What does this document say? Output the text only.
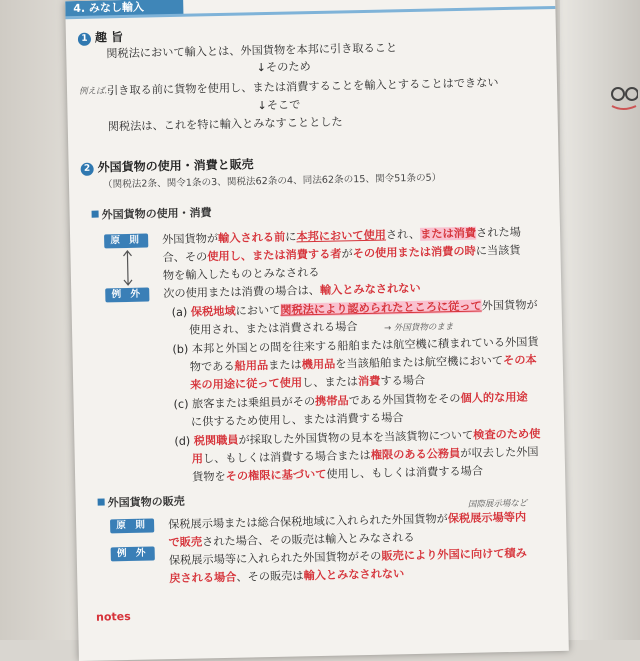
4. みなし輸入
1 趣 旨
関税法において輸入とは、外国貨物を本邦に引き取ること
↓そのため
例えば…
引き取る前に貨物を使用し、または消費することを輸入とすることはできない
↓そこで
関税法は、これを特に輸入とみなすこととした
2 外国貨物の使用・消費と販売
（関税法2条、関令1条の3、関税法62条の4、同法62条の15、関令51条の5）
外国貨物の使用・消費
原 則
例 外
外国貨物が輸入される前に本邦において使用され、または消費された場
合、その使用し、または消費する者がその使用または消費の時に当該貨
物を輸入したものとみなされる
次の使用または消費の場合は、輸入とみなされない
(a) 保税地域において関税法により認められたところに従って外国貨物が
使用され、または消費される場合	→ 外国貨物のまま
(b) 本邦と外国との間を往来する船舶または航空機に積まれている外国貨
物である船用品または機用品を当該船舶または航空機においてその本
来の用途に従って使用し、または消費する場合
(c) 旅客または乗組員がその携帯品である外国貨物をその個人的な用途
に供するため使用し、または消費する場合
(d) 税関職員が採取した外国貨物の見本を当該貨物について検査のため使
用し、もしくは消費する場合または権限のある公務員が収去した外国
貨物をその権限に基づいて使用し、もしくは消費する場合
外国貨物の販売	国際展示場など
原 則	保税展示場または総合保税地域に入れられた外国貨物が保税展示場等内
で販売された場合、その販売は輸入とみなされる
例 外	保税展示場等に入れられた外国貨物がその販売により外国に向けて積み
戻される場合、その販売は輸入とみなされない
notes
